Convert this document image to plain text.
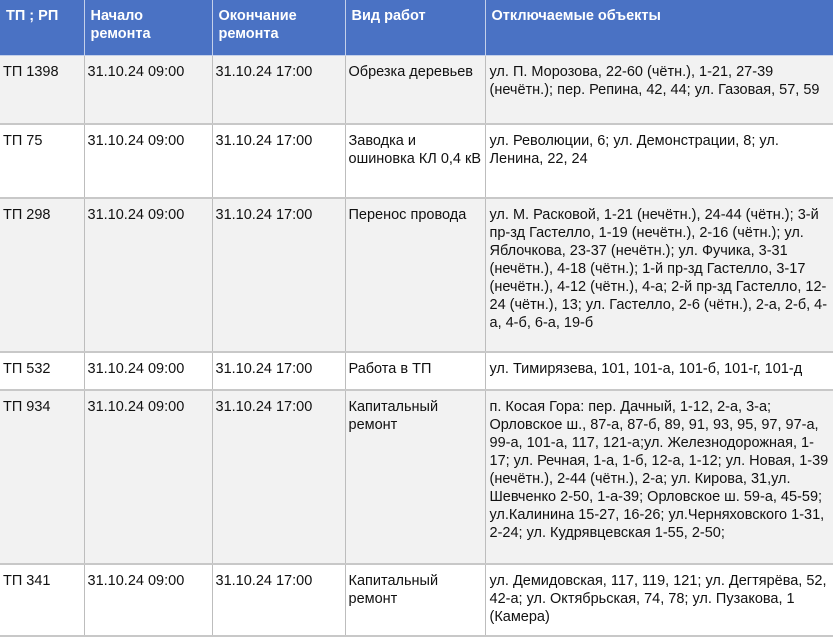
ТП ; РП	Начало ремонта	Окончание ремонта	Вид работ	Отключаемые объекты
ТП 1398	31.10.24 09:00	31.10.24 17:00	Обрезка деревьев	ул. П. Морозова, 22-60 (чётн.), 1-21, 27-39 (нечётн.); пер. Репина, 42, 44; ул. Газовая, 57, 59
ТП 75	31.10.24 09:00	31.10.24 17:00	Заводка и ошиновка КЛ 0,4 кВ	ул. Революции, 6; ул. Демонстрации, 8; ул. Ленина, 22, 24
ТП 298	31.10.24 09:00	31.10.24 17:00	Перенос провода	ул. М. Расковой, 1-21 (нечётн.), 24-44 (чётн.); 3-й пр-зд Гастелло, 1-19 (нечётн.), 2-16 (чётн.); ул. Яблочкова, 23-37 (нечётн.); ул. Фучика, 3-31 (нечётн.), 4-18 (чётн.); 1-й пр-зд Гастелло, 3-17 (нечётн.), 4-12 (чётн.), 4-а; 2-й пр-зд Гастелло, 12-24 (чётн.), 13; ул. Гастелло, 2-6 (чётн.), 2-а, 2-б, 4-а, 4-б, 6-а, 19-б
ТП 532	31.10.24 09:00	31.10.24 17:00	Работа в ТП	ул. Тимирязева, 101, 101-а, 101-б, 101-г, 101-д
ТП 934	31.10.24 09:00	31.10.24 17:00	Капитальный ремонт	п. Косая Гора: пер. Дачный, 1-12, 2-а, 3-а; Орловское ш., 87-а, 87-б, 89, 91, 93, 95, 97, 97-а, 99-а, 101-а, 117, 121-а;ул. Железнодорожная, 1-17; ул. Речная, 1-а, 1-б, 12-а, 1-12; ул. Новая, 1-39 (нечётн.), 2-44 (чётн.), 2-а; ул. Кирова, 31,ул. Шевченко 2-50, 1-а-39; Орловское ш. 59-а, 45-59; ул.Калинина 15-27, 16-26; ул.Черняховского 1-31, 2-24; ул. Кудрявцевская 1-55, 2-50;
ТП 341	31.10.24 09:00	31.10.24 17:00	Капитальный ремонт	ул. Демидовская, 117, 119, 121; ул. Дегтярёва, 52, 42-а; ул. Октябрьская, 74, 78; ул. Пузакова, 1 (Камера)
